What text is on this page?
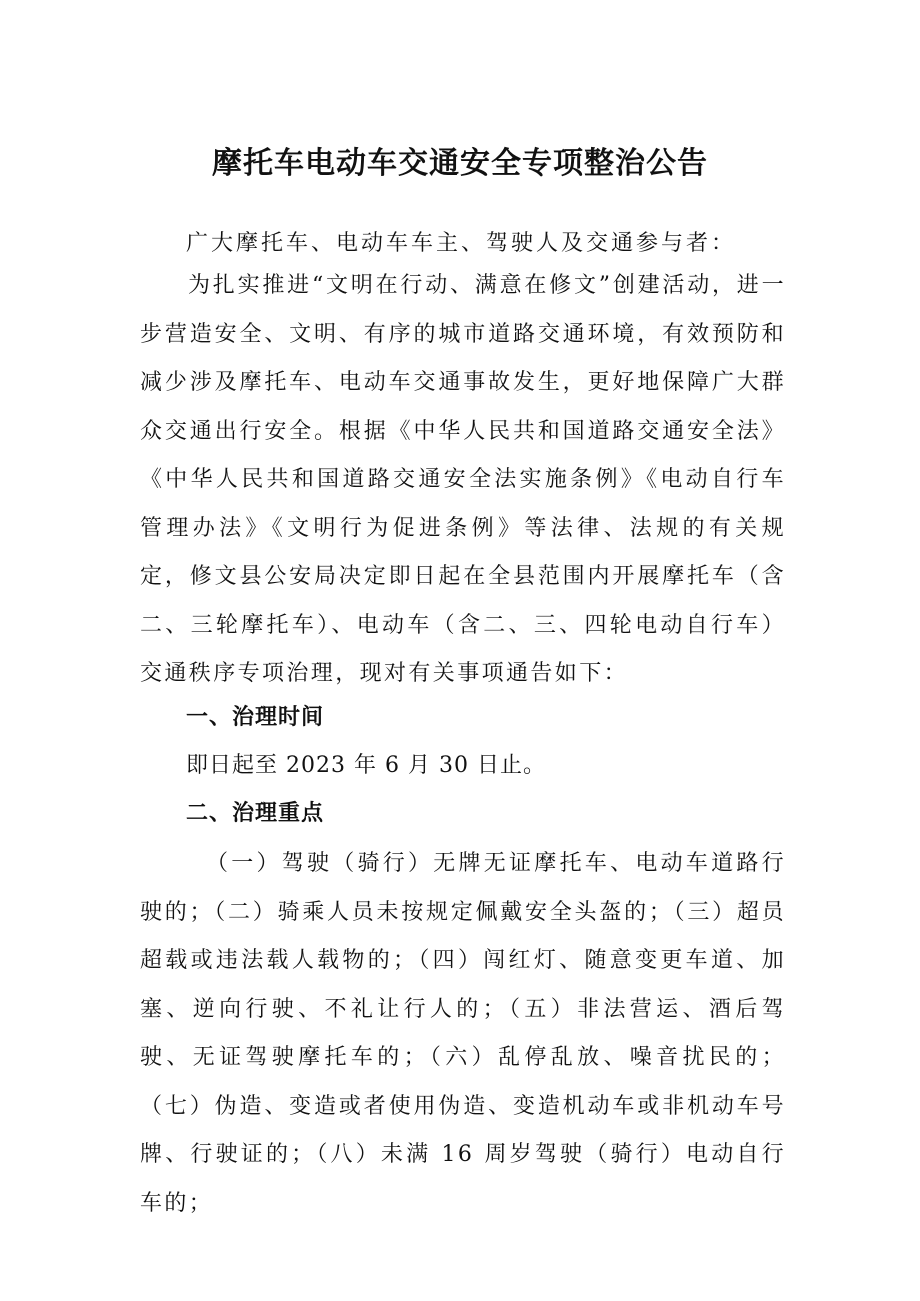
摩托车电动车交通安全专项整治公告
广大摩托车、电动车车主、驾驶人及交通参与者：
为扎实推进“文明在行动、满意在修文”创建活动，进一步营造安全、文明、有序的城市道路交通环境，有效预防和减少涉及摩托车、电动车交通事故发生，更好地保障广大群众交通出行安全。根据《中华人民共和国道路交通安全法》《中华人民共和国道路交通安全法实施条例》《电动自行车管理办法》《文明行为促进条例》等法律、法规的有关规定，修文县公安局决定即日起在全县范围内开展摩托车（含二、三轮摩托车）、电动车（含二、三、四轮电动自行车）交通秩序专项治理，现对有关事项通告如下：
一、治理时间
即日起至 2023 年 6 月 30 日止。
二、治理重点
（一）驾驶（骑行）无牌无证摩托车、电动车道路行驶的；（二）骑乘人员未按规定佩戴安全头盔的；（三）超员超载或违法载人载物的；（四）闯红灯、随意变更车道、加塞、逆向行驶、不礼让行人的；（五）非法营运、酒后驾驶、无证驾驶摩托车的；（六）乱停乱放、噪音扰民的；（七）伪造、变造或者使用伪造、变造机动车或非机动车号牌、行驶证的；（八）未满 16 周岁驾驶（骑行）电动自行车的；
